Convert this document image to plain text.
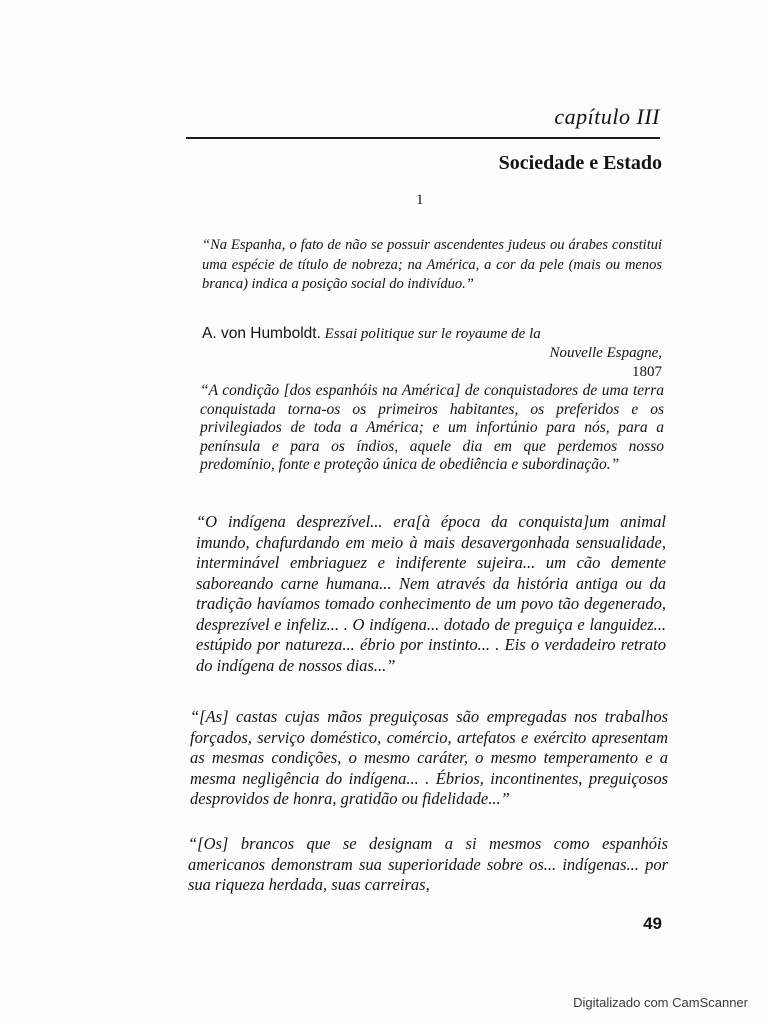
capítulo III
Sociedade e Estado
1

“Na Espanha, o fato de não se possuir ascendentes judeus ou árabes constitui uma espécie de título de nobreza; na América, a cor da pele (mais ou menos branca) indica a posição social do indivíduo.”

A. von Humboldt. Essai politique sur le royaume de la
Nouvelle Espagne,
1807

“A condição [dos espanhóis na América] de conquistadores de uma terra conquistada torna-os os primeiros habitantes, os preferidos e os privilegiados de toda a América; e um infortúnio para nós, para a península e para os índios, aquele dia em que perdemos nosso predomínio, fonte e proteção única de obediência e subordinação.”

“O indígena desprezível... era[à época da conquista]um animal imundo, chafurdando em meio à mais desavergonhada sensualidade, interminável embriaguez e indiferente sujeira... um cão demente saboreando carne humana... Nem através da história antiga ou da tradição havíamos tomado conhecimento de um povo tão degenerado, desprezível e infeliz... . O indígena... dotado de preguiça e languidez... estúpido por natureza... ébrio por instinto... . Eis o verdadeiro retrato do indígena de nossos dias...”

“[As] castas cujas mãos preguiçosas são empregadas nos trabalhos forçados, serviço doméstico, comércio, artefatos e exército apresentam as mesmas condições, o mesmo caráter, o mesmo temperamento e a mesma negligência do indígena... . Ébrios, incontinentes, preguiçosos desprovidos de honra, gratidão ou fidelidade...”

“[Os] brancos que se designam a si mesmos como espanhóis americanos demonstram sua superioridade sobre os... indígenas... por sua riqueza herdada, suas carreiras,

49
Digitalizado com CamScanner
